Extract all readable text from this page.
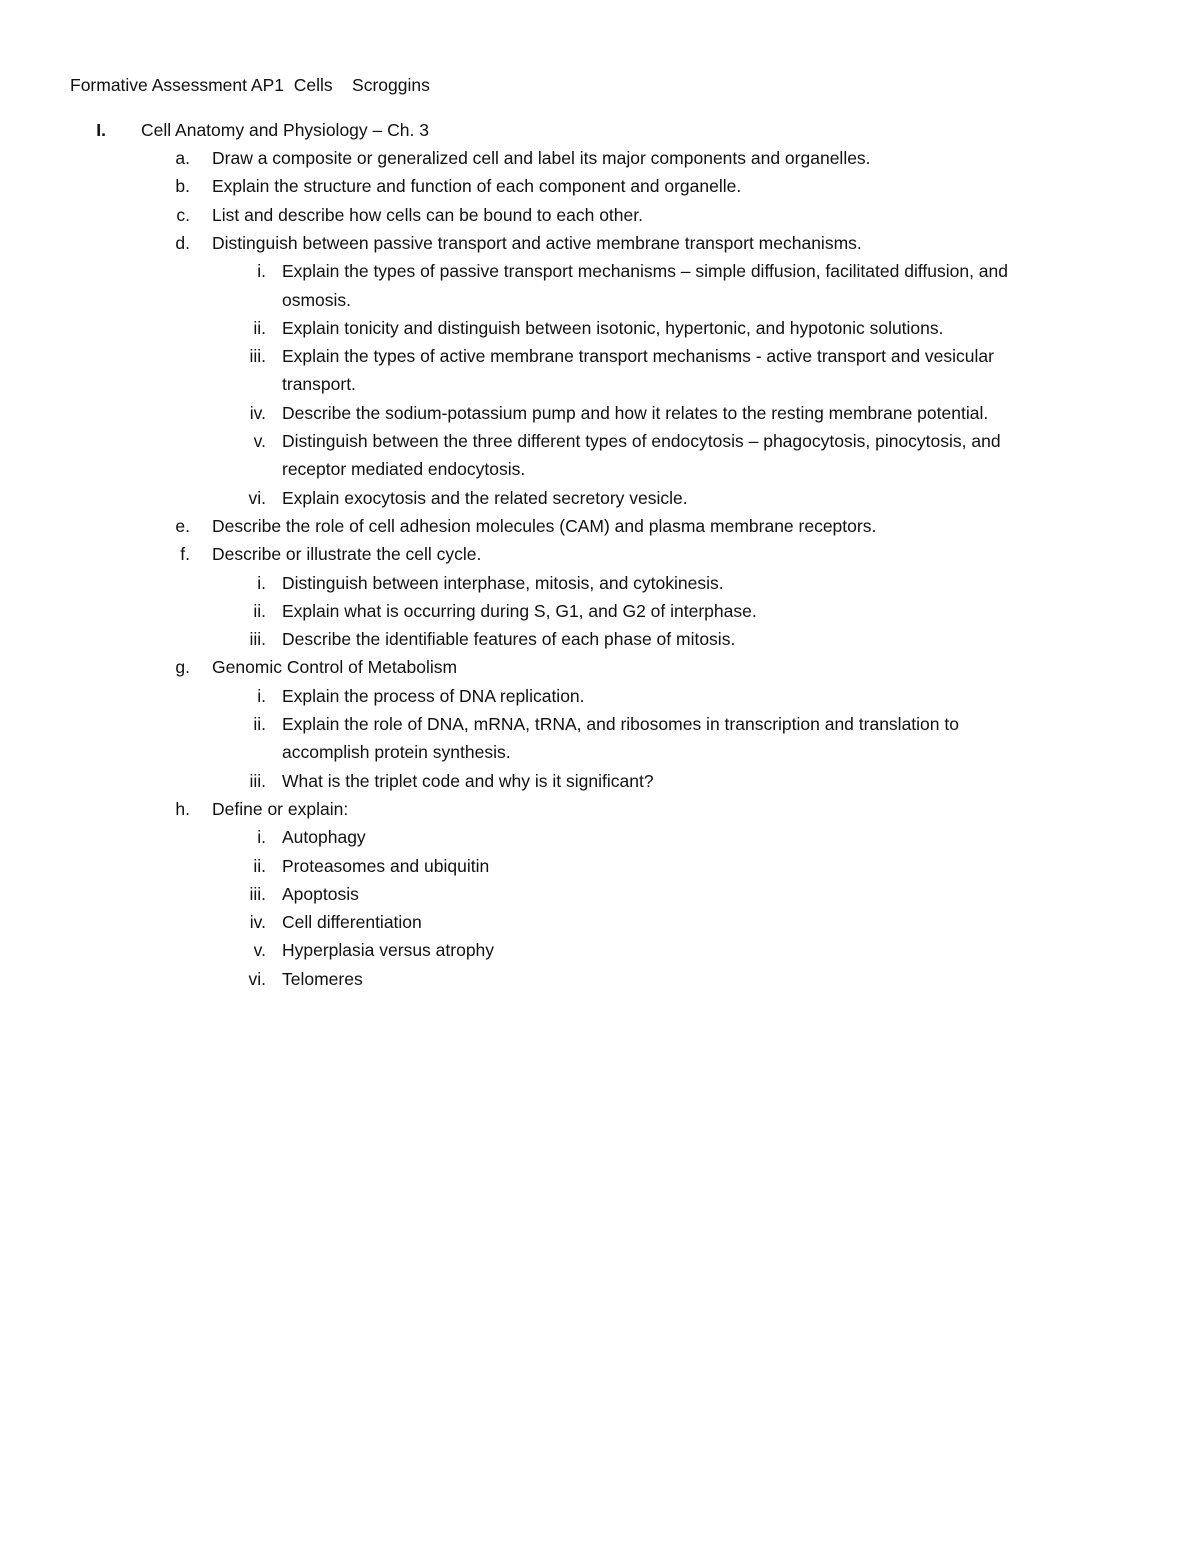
Formative Assessment AP1  Cells    Scroggins
I. Cell Anatomy and Physiology – Ch. 3
a. Draw a composite or generalized cell and label its major components and organelles.
b. Explain the structure and function of each component and organelle.
c. List and describe how cells can be bound to each other.
d. Distinguish between passive transport and active membrane transport mechanisms.
i. Explain the types of passive transport mechanisms – simple diffusion, facilitated diffusion, and
osmosis.
ii. Explain tonicity and distinguish between isotonic, hypertonic, and hypotonic solutions.
iii. Explain the types of active membrane transport mechanisms - active transport and vesicular
transport.
iv. Describe the sodium-potassium pump and how it relates to the resting membrane potential.
v. Distinguish between the three different types of endocytosis – phagocytosis, pinocytosis, and
receptor mediated endocytosis.
vi. Explain exocytosis and the related secretory vesicle.
e. Describe the role of cell adhesion molecules (CAM) and plasma membrane receptors.
f. Describe or illustrate the cell cycle.
i. Distinguish between interphase, mitosis, and cytokinesis.
ii. Explain what is occurring during S, G1, and G2 of interphase.
iii. Describe the identifiable features of each phase of mitosis.
g. Genomic Control of Metabolism
i. Explain the process of DNA replication.
ii. Explain the role of DNA, mRNA, tRNA, and ribosomes in transcription and translation to
accomplish protein synthesis.
iii. What is the triplet code and why is it significant?
h. Define or explain:
i. Autophagy
ii. Proteasomes and ubiquitin
iii. Apoptosis
iv. Cell differentiation
v. Hyperplasia versus atrophy
vi. Telomeres
